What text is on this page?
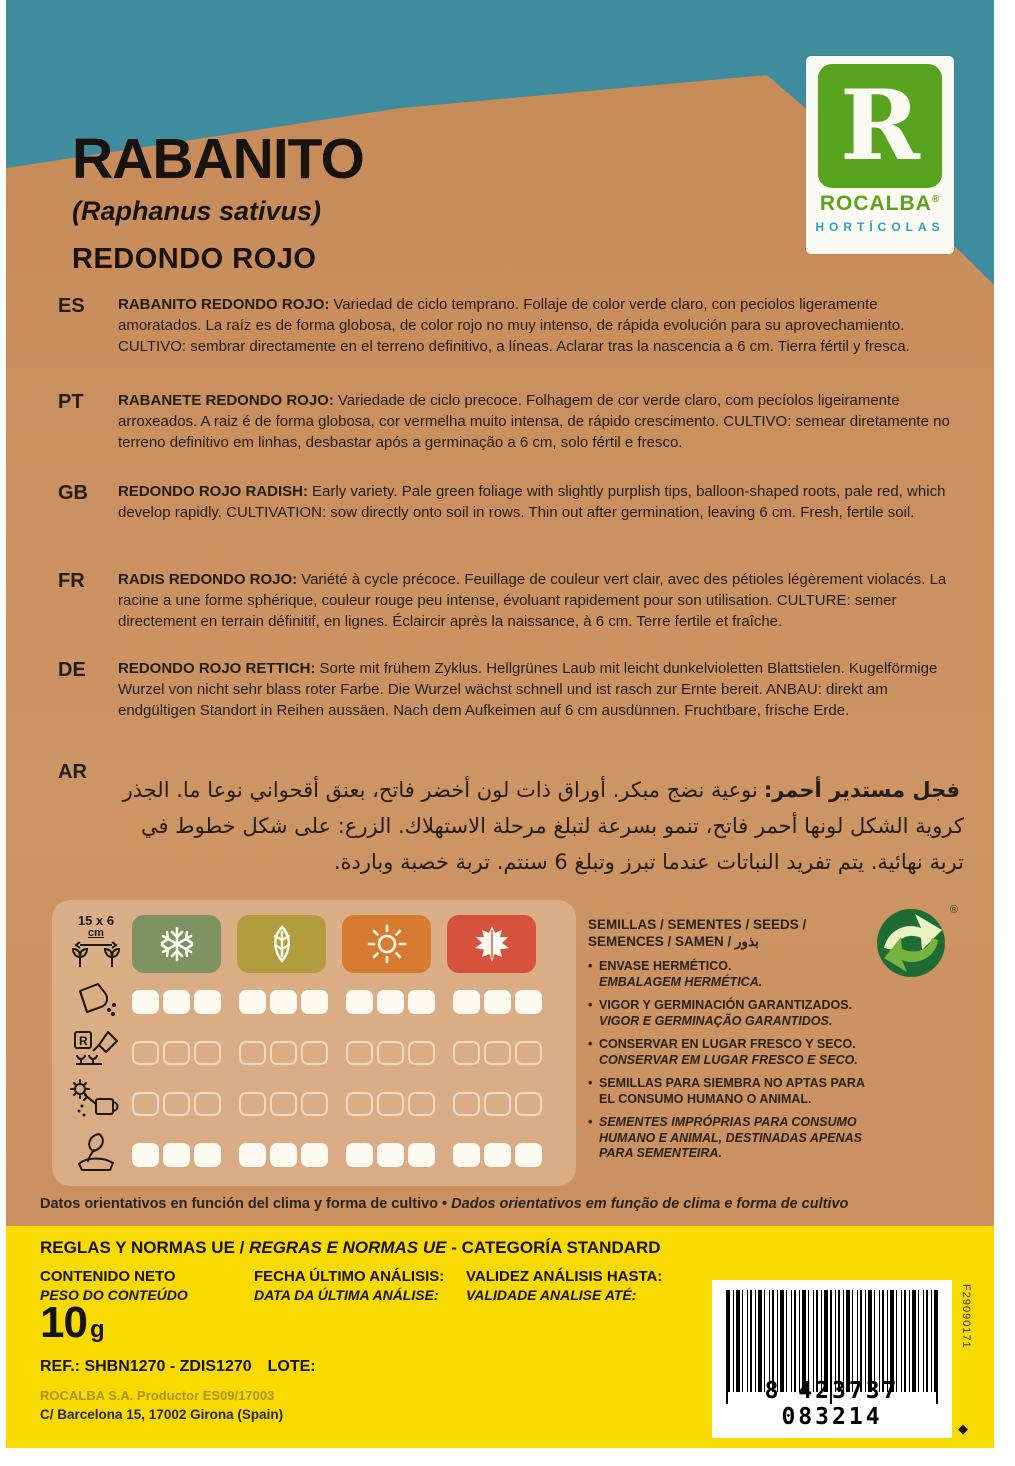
R
ROCALBA®
HORTÍCOLAS
RABANITO
(Raphanus sativus)
REDONDO ROJO
ES	RABANITO REDONDO ROJO: Variedad de ciclo temprano. Follaje de color verde claro, con peciolos ligeramente amoratados. La raíz es de forma globosa, de color rojo no muy intenso, de rápida evolución para su aprovechamiento. CULTIVO: sembrar directamente en el terreno definitivo, a líneas. Aclarar tras la nascencia a 6 cm. Tierra fértil y fresca.
PT	RABANETE REDONDO ROJO: Variedade de ciclo precoce. Folhagem de cor verde claro, com pecíolos ligeiramente arroxeados. A raiz é de forma globosa, cor vermelha muito intensa, de rápido crescimento. CULTIVO: semear diretamente no terreno definitivo em linhas, desbastar após a germinação a 6 cm, solo fértil e fresco.
GB	REDONDO ROJO RADISH: Early variety. Pale green foliage with slightly purplish tips, balloon-shaped roots, pale red, which develop rapidly. CULTIVATION: sow directly onto soil in rows. Thin out after germination, leaving 6 cm. Fresh, fertile soil.
FR	RADIS REDONDO ROJO: Variété à cycle précoce. Feuillage de couleur vert clair, avec des pétioles légèrement violacés. La racine a une forme sphérique, couleur rouge peu intense, évoluant rapidement pour son utilisation. CULTURE: semer directement en terrain définitif, en lignes. Éclaircir après la naissance, à 6 cm. Terre fertile et fraîche.
DE	REDONDO ROJO RETTICH: Sorte mit frühem Zyklus. Hellgrünes Laub mit leicht dunkelvioletten Blattstielen. Kugelförmige Wurzel von nicht sehr blass roter Farbe. Die Wurzel wächst schnell und ist rasch zur Ernte bereit. ANBAU: direkt am endgültigen Standort in Reihen aussäen. Nach dem Aufkeimen auf 6 cm ausdünnen. Fruchtbare, frische Erde.
AR
فجل مستدير أحمر:نوعية نضج مبكر. أوراق ذات لون أخضر فاتح، بعنق أقحواني نوعا ما. الجذر كروية الشكل لونها أحمر فاتح، تنمو بسرعة لتبلغ مرحلة الاستهلاك. الزرع: على شكل خطوط في تربة نهائية. يتم تفريد النباتات عندما تبرز وتبلغ 6 سنتم. تربة خصبة وباردة.
15 x 6
cm
R
SEMILLAS / SEMENTES / SEEDS /
SEMENCES / SAMEN / بذور
• ENVASE HERMÉTICO.
EMBALAGEM HERMÉTICA.
• VIGOR Y GERMINACIÓN GARANTIZADOS.
VIGOR E GERMINAÇÃO GARANTIDOS.
• CONSERVAR EN LUGAR FRESCO Y SECO.
CONSERVAR EM LUGAR FRESCO E SECO.
• SEMILLAS PARA SIEMBRA NO APTAS PARA EL CONSUMO HUMANO O ANIMAL.
• SEMENTES IMPRÓPRIAS PARA CONSUMO HUMANO E ANIMAL, DESTINADAS APENAS PARA SEMENTEIRA.
®
Datos orientativos en función del clima y forma de cultivo • Dados orientativos em função de clima e forma de cultivo
REGLAS Y NORMAS UE / REGRAS E NORMAS UE - CATEGORÍA STANDARD
CONTENIDO NETO
PESO DO CONTEÚDO
FECHA ÚLTIMO ANÁLISIS:
DATA DA ÚLTIMA ANÁLISE:
VALIDEZ ANÁLISIS HASTA:
VALIDADE ANALISE ATÉ:
10 g
REF.: SHBN1270 - ZDIS1270 LOTE:
ROCALBA S.A. Productor ES09/17003
C/ Barcelona 15, 17002 Girona (Spain)
8 423737 083214
F29090171
◆
